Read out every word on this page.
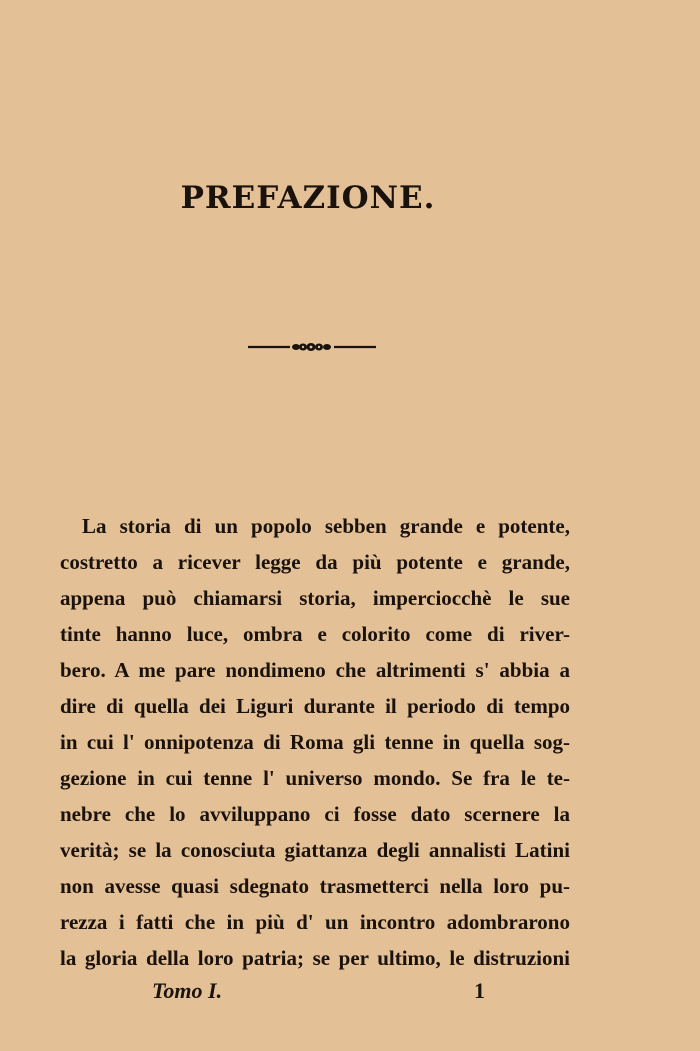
PREFAZIONE.
La storia di un popolo sebben grande e potente,
costretto a ricever legge da più potente e grande,
appena può chiamarsi storia, imperciocchè le sue
tinte hanno luce, ombra e colorito come di river-
bero. A me pare nondimeno che altrimenti s' abbia a
dire di quella dei Liguri durante il periodo di tempo
in cui l' onnipotenza di Roma gli tenne in quella sog-
gezione in cui tenne l' universo mondo. Se fra le te-
nebre che lo avviluppano ci fosse dato scernere la
verità; se la conosciuta giattanza degli annalisti Latini
non avesse quasi sdegnato trasmetterci nella loro pu-
rezza i fatti che in più d' un incontro adombrarono
la gloria della loro patria; se per ultimo, le distruzioni
Tomo I.	1
